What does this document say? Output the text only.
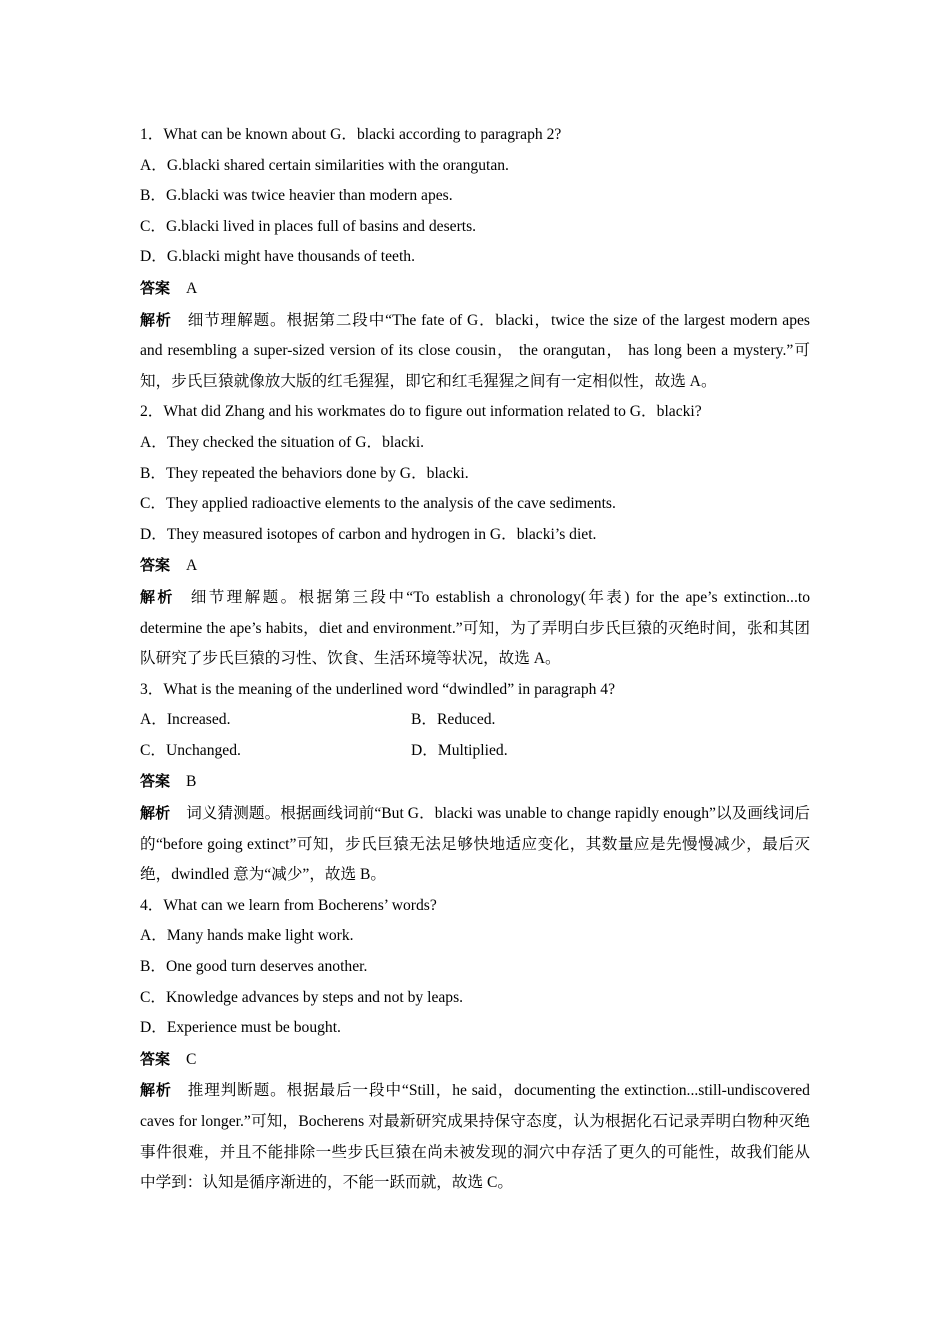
1．What can be known about G．blacki according to paragraph 2?
A．G.blacki shared certain similarities with the orangutan.
B．G.blacki was twice heavier than modern apes.
C．G.blacki lived in places full of basins and deserts.
D．G.blacki might have thousands of teeth.
答案 A
解析 细节理解题。根据第二段中“The fate of G．blacki，twice the size of the largest modern apes and resembling a super-sized version of its close cousin， the orangutan， has long been a mystery.”可知，步氏巨猿就像放大版的红毛猩猩，即它和红毛猩猩之间有一定相似性，故选 A。
2．What did Zhang and his workmates do to figure out information related to G．blacki?
A．They checked the situation of G．blacki.
B．They repeated the behaviors done by G．blacki.
C．They applied radioactive elements to the analysis of the cave sediments.
D．They measured isotopes of carbon and hydrogen in G．blacki’s diet.
答案 A
解析 细节理解题。根据第三段中“To establish a chronology(年表) for the ape’s extinction...to determine the ape’s habits，diet and environment.”可知，为了弄明白步氏巨猿的灭绝时间，张和其团队研究了步氏巨猿的习性、饮食、生活环境等状况，故选 A。
3．What is the meaning of the underlined word “dwindled” in paragraph 4?
A．Increased.	B．Reduced.
C．Unchanged.	D．Multiplied.
答案 B
解析 词义猜测题。根据画线词前“But G．blacki was unable to change rapidly enough”以及画线词后的“before going extinct”可知，步氏巨猿无法足够快地适应变化，其数量应是先慢慢减少，最后灭绝，dwindled 意为“减少”，故选 B。
4．What can we learn from Bocherens’ words?
A．Many hands make light work.
B．One good turn deserves another.
C．Knowledge advances by steps and not by leaps.
D．Experience must be bought.
答案 C
解析 推理判断题。根据最后一段中“Still，he said，documenting the extinction...still-undiscovered caves for longer.”可知，Bocherens 对最新研究成果持保守态度，认为根据化石记录弄明白物种灭绝事件很难，并且不能排除一些步氏巨猿在尚未被发现的洞穴中存活了更久的可能性，故我们能从中学到：认知是循序渐进的，不能一跃而就，故选 C。
